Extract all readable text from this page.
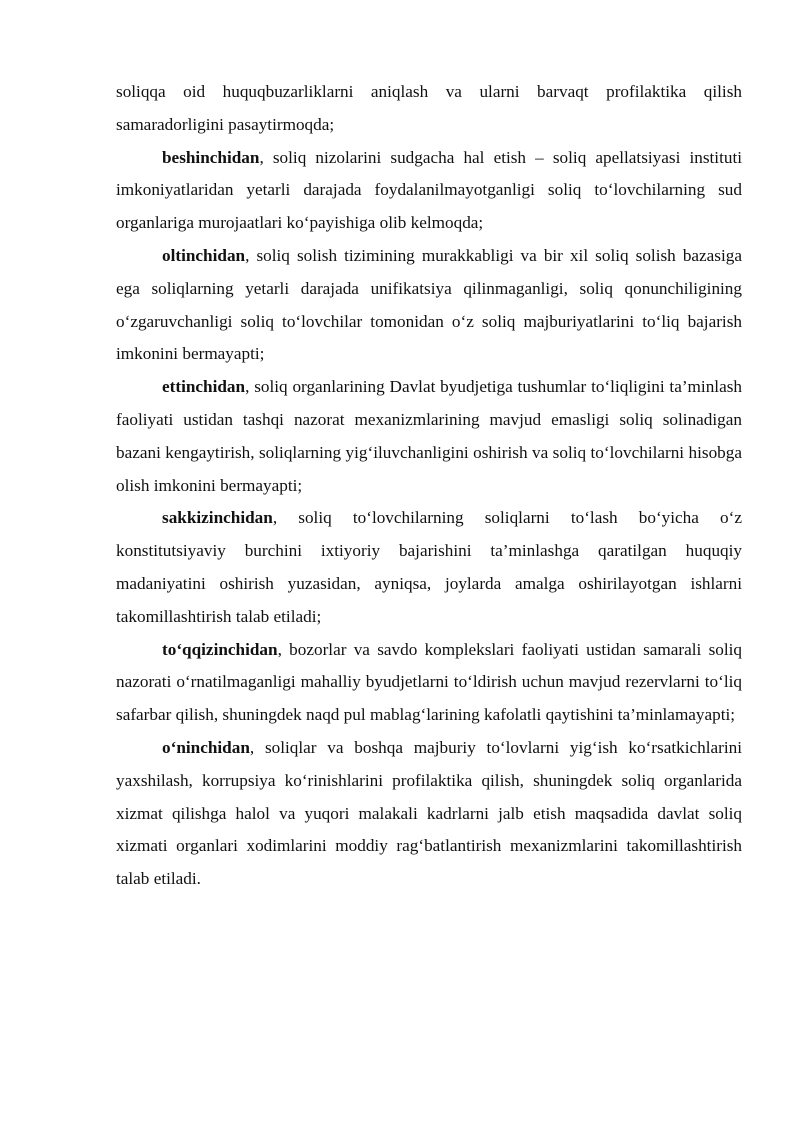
soliqqa oid huquqbuzarliklarni aniqlash va ularni barvaqt profilaktika qilish samaradorligini pasaytirmoqda;

beshinchidan, soliq nizolarini sudgacha hal etish – soliq apellatsiyasi instituti imkoniyatlaridan yetarli darajada foydalanilmayotganligi soliq to‘lovchilarning sud organlariga murojaatlari ko‘payishiga olib kelmoqda;

oltinchidan, soliq solish tizimining murakkabligi va bir xil soliq solish bazasiga ega soliqlarning yetarli darajada unifikatsiya qilinmaganligi, soliq qonunchiligining o‘zgaruvchanligi soliq to‘lovchilar tomonidan o‘z soliq majburiyatlarini to‘liq bajarish imkonini bermayapti;

ettinchidan, soliq organlarining Davlat byudjetiga tushumlar to‘liqligini ta’minlash faoliyati ustidan tashqi nazorat mexanizmlarining mavjud emasligi soliq solinadigan bazani kengaytirish, soliqlarning yig‘iluvchanligini oshirish va soliq to‘lovchilarni hisobga olish imkonini bermayapti;

sakkizinchidan, soliq to‘lovchilarning soliqlarni to‘lash bo‘yicha o‘z konstitutsiyaviy burchini ixtiyoriy bajarishini ta’minlashga qaratilgan huquqiy madaniyatini oshirish yuzasidan, ayniqsa, joylarda amalga oshirilayotgan ishlarni takomillashtirish talab etiladi;

to‘qqizinchidan, bozorlar va savdo komplekslari faoliyati ustidan samarali soliq nazorati o‘rnatilmaganligi mahalliy byudjetlarni to‘ldirish uchun mavjud rezervlarni to‘liq safarbar qilish, shuningdek naqd pul mablag‘larining kafolatli qaytishini ta’minlamayapti;

o‘ninchidan, soliqlar va boshqa majburiy to‘lovlarni yig‘ish ko‘rsatkichlarini yaxshilash, korrupsiya ko‘rinishlarini profilaktika qilish, shuningdek soliq organlarida xizmat qilishga halol va yuqori malakali kadrlarni jalb etish maqsadida davlat soliq xizmati organlari xodimlarini moddiy rag‘batlantirish mexanizmlarini takomillashtirish talab etiladi.
